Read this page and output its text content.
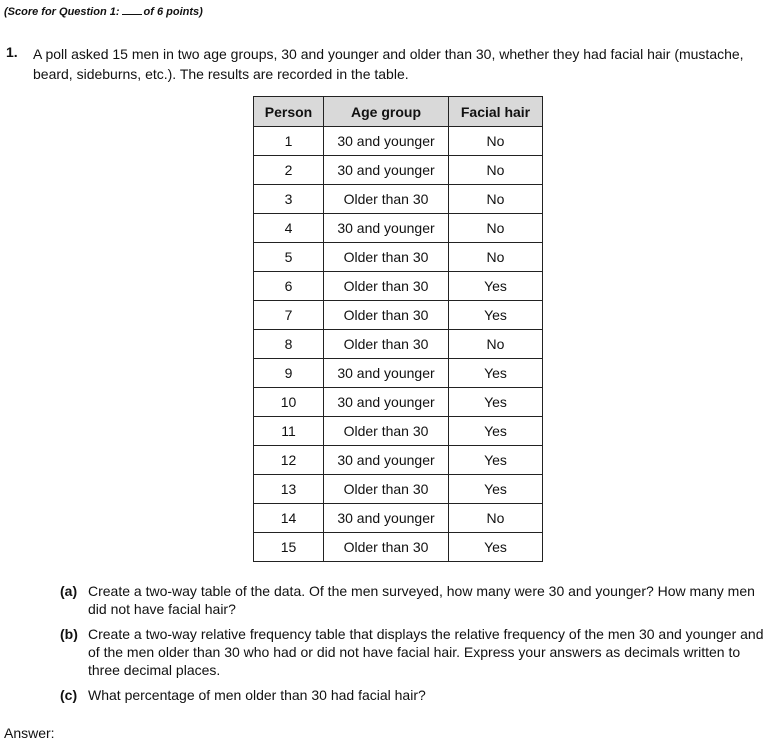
(Score for Question 1: of 6 points)
1. A poll asked 15 men in two age groups, 30 and younger and older than 30, whether they had facial hair (mustache, beard, sideburns, etc.). The results are recorded in the table.
Person	Age group	Facial hair
1	30 and younger	No
2	30 and younger	No
3	Older than 30	No
4	30 and younger	No
5	Older than 30	No
6	Older than 30	Yes
7	Older than 30	Yes
8	Older than 30	No
9	30 and younger	Yes
10	30 and younger	Yes
11	Older than 30	Yes
12	30 and younger	Yes
13	Older than 30	Yes
14	30 and younger	No
15	Older than 30	Yes
(a) Create a two-way table of the data. Of the men surveyed, how many were 30 and younger? How many men did not have facial hair?
(b) Create a two-way relative frequency table that displays the relative frequency of the men 30 and younger and of the men older than 30 who had or did not have facial hair. Express your answers as decimals written to three decimal places.
(c) What percentage of men older than 30 had facial hair?
Answer:
